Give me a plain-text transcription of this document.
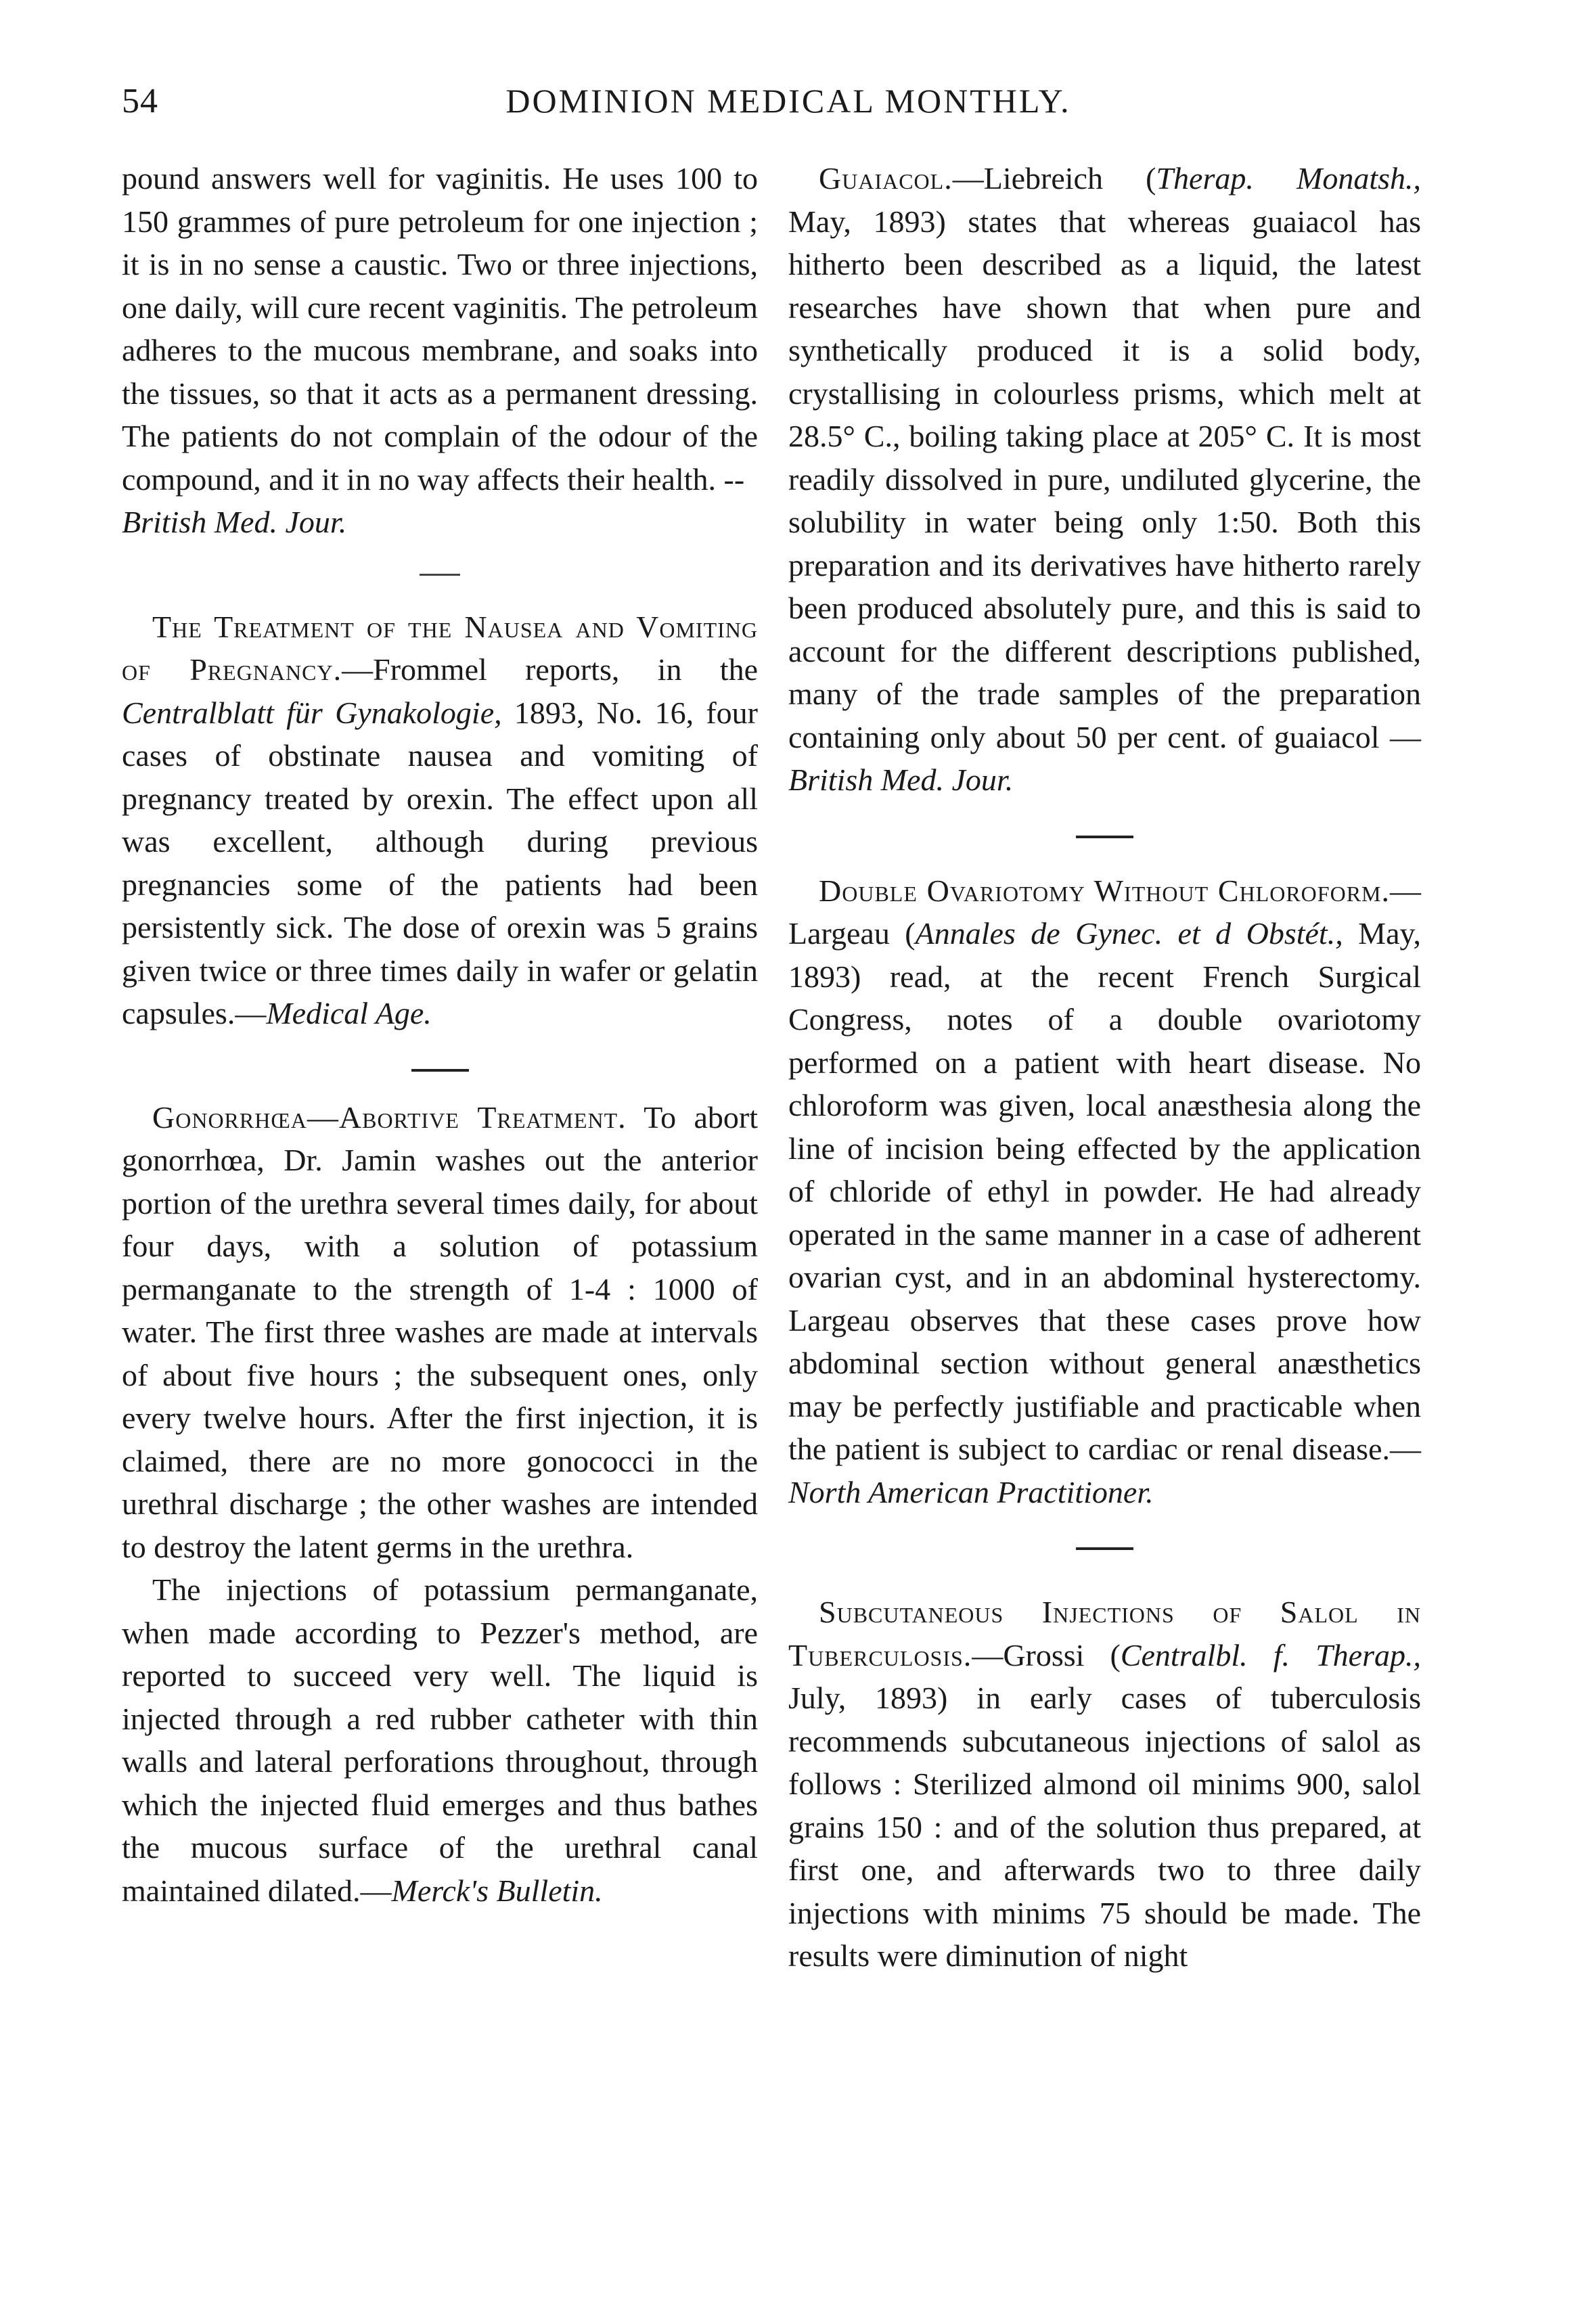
54	DOMINION MEDICAL MONTHLY.

pound answers well for vaginitis. He uses 100 to 150 grammes of pure petroleum for one injection ; it is in no sense a caustic. Two or three injections, one daily, will cure recent vaginitis. The petroleum adheres to the mucous membrane, and soaks into the tissues, so that it acts as a permanent dressing. The patients do not complain of the odour of the compound, and it in no way affects their health. --
British Med. Jour.

The Treatment of the Nausea and Vomiting of Pregnancy.—Frommel reports, in the Centralblatt für Gynakologie, 1893, No. 16, four cases of obstinate nausea and vomiting of pregnancy treated by orexin. The effect upon all was excellent, although during previous pregnancies some of the patients had been persistently sick. The dose of orexin was 5 grains given twice or three times daily in wafer or gelatin capsules.—Medical Age.

Gonorrhœa—Abortive Treatment. To abort gonorrhœa, Dr. Jamin washes out the anterior portion of the urethra several times daily, for about four days, with a solution of potassium permanganate to the strength of 1-4 : 1000 of water. The first three washes are made at intervals of about five hours ; the subsequent ones, only every twelve hours. After the first injection, it is claimed, there are no more gonococci in the urethral discharge ; the other washes are intended to destroy the latent germs in the urethra.

The injections of potassium permanganate, when made according to Pezzer's method, are reported to succeed very well. The liquid is injected through a red rubber catheter with thin walls and lateral perforations throughout, through which the injected fluid emerges and thus bathes the mucous surface of the urethral canal maintained dilated.—Merck's Bulletin.

Guaiacol.—Liebreich (Therap. Monatsh., May, 1893) states that whereas guaiacol has hitherto been described as a liquid, the latest researches have shown that when pure and synthetically produced it is a solid body, crystallising in colourless prisms, which melt at 28.5° C., boiling taking place at 205° C. It is most readily dissolved in pure, undiluted glycerine, the solubility in water being only 1:50. Both this preparation and its derivatives have hitherto rarely been produced absolutely pure, and this is said to account for the different descriptions published, many of the trade samples of the preparation containing only about 50 per cent. of guaiacol —British Med. Jour.

Double Ovariotomy Without Chloroform.—Largeau (Annales de Gynec. et d Obstét., May, 1893) read, at the recent French Surgical Congress, notes of a double ovariotomy performed on a patient with heart disease. No chloroform was given, local anæsthesia along the line of incision being effected by the application of chloride of ethyl in powder. He had already operated in the same manner in a case of adherent ovarian cyst, and in an abdominal hysterectomy. Largeau observes that these cases prove how abdominal section without general anæsthetics may be perfectly justifiable and practicable when the patient is subject to cardiac or renal disease.—North American Practitioner.

Subcutaneous Injections of Salol in Tuberculosis.—Grossi (Centralbl. f. Therap., July, 1893) in early cases of tuberculosis recommends subcutaneous injections of salol as follows : Sterilized almond oil minims 900, salol grains 150 : and of the solution thus prepared, at first one, and afterwards two to three daily injections with minims 75 should be made. The results were diminution of night
